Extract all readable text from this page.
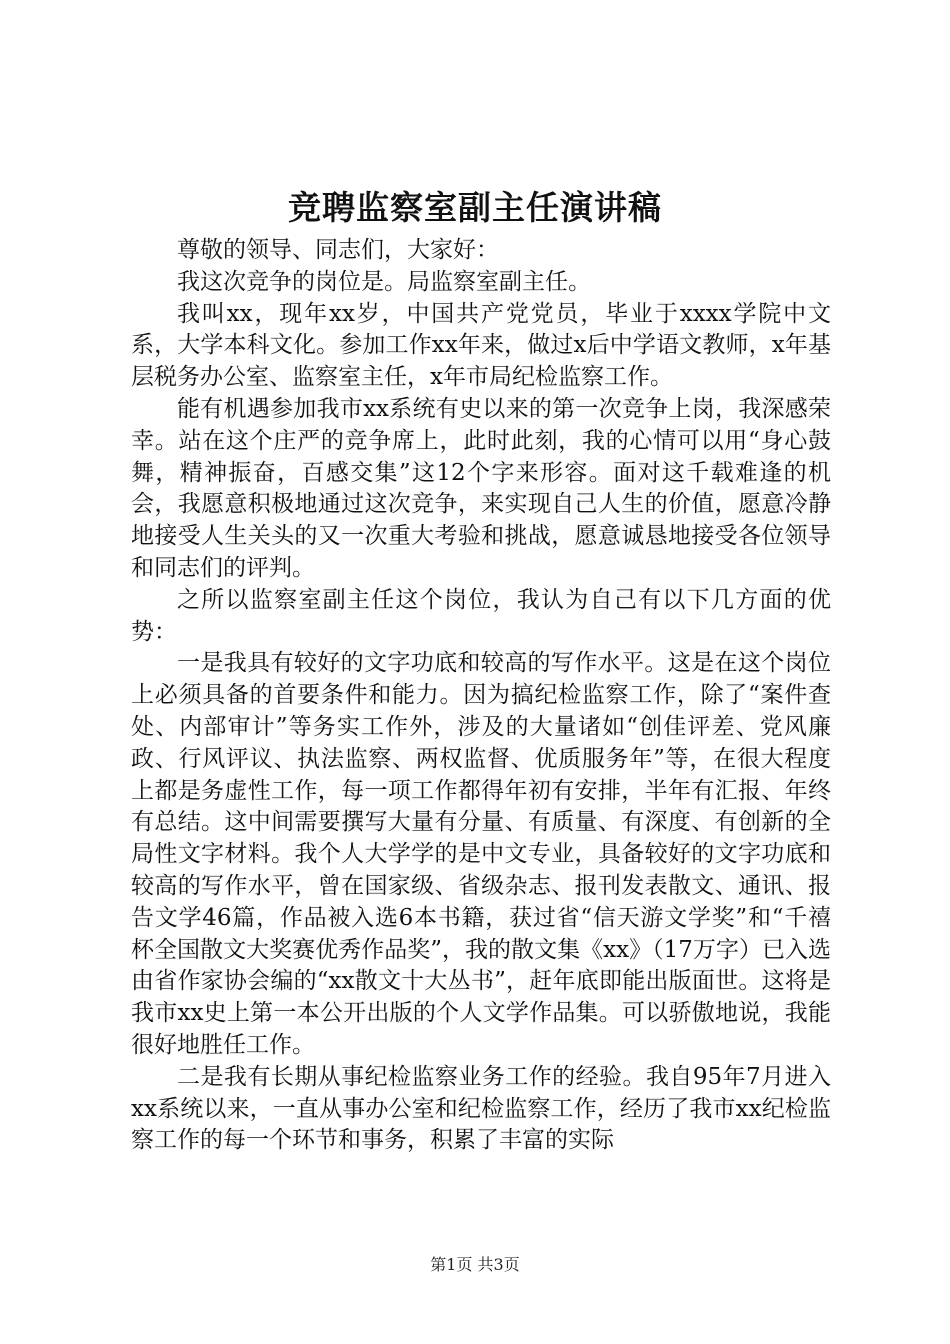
竞聘监察室副主任演讲稿

尊敬的领导、同志们，大家好：

我这次竞争的岗位是。局监察室副主任。

我叫xx，现年xx岁，中国共产党党员，毕业于xxxx学院中文系，大学本科文化。参加工作xx年来，做过x后中学语文教师，x年基层税务办公室、监察室主任，x年市局纪检监察工作。

能有机遇参加我市xx系统有史以来的第一次竞争上岗，我深感荣幸。站在这个庄严的竞争席上，此时此刻，我的心情可以用“身心鼓舞，精神振奋，百感交集”这12个字来形容。面对这千载难逢的机会，我愿意积极地通过这次竞争，来实现自己人生的价值，愿意冷静地接受人生关头的又一次重大考验和挑战，愿意诚恳地接受各位领导和同志们的评判。

之所以监察室副主任这个岗位，我认为自己有以下几方面的优势：

一是我具有较好的文字功底和较高的写作水平。这是在这个岗位上必须具备的首要条件和能力。因为搞纪检监察工作，除了“案件查处、内部审计”等务实工作外，涉及的大量诸如“创佳评差、党风廉政、行风评议、执法监察、两权监督、优质服务年”等，在很大程度上都是务虚性工作，每一项工作都得年初有安排，半年有汇报、年终有总结。这中间需要撰写大量有分量、有质量、有深度、有创新的全局性文字材料。我个人大学学的是中文专业，具备较好的文字功底和较高的写作水平，曾在国家级、省级杂志、报刊发表散文、通讯、报告文学46篇，作品被入选6本书籍，获过省“信天游文学奖”和“千禧杯全国散文大奖赛优秀作品奖”，我的散文集《xx》（17万字）已入选由省作家协会编的“xx散文十大丛书”，赶年底即能出版面世。这将是我市xx史上第一本公开出版的个人文学作品集。可以骄傲地说，我能很好地胜任工作。

二是我有长期从事纪检监察业务工作的经验。我自95年7月进入xx系统以来，一直从事办公室和纪检监察工作，经历了我市xx纪检监察工作的每一个环节和事务，积累了丰富的实际

第1页 共3页
